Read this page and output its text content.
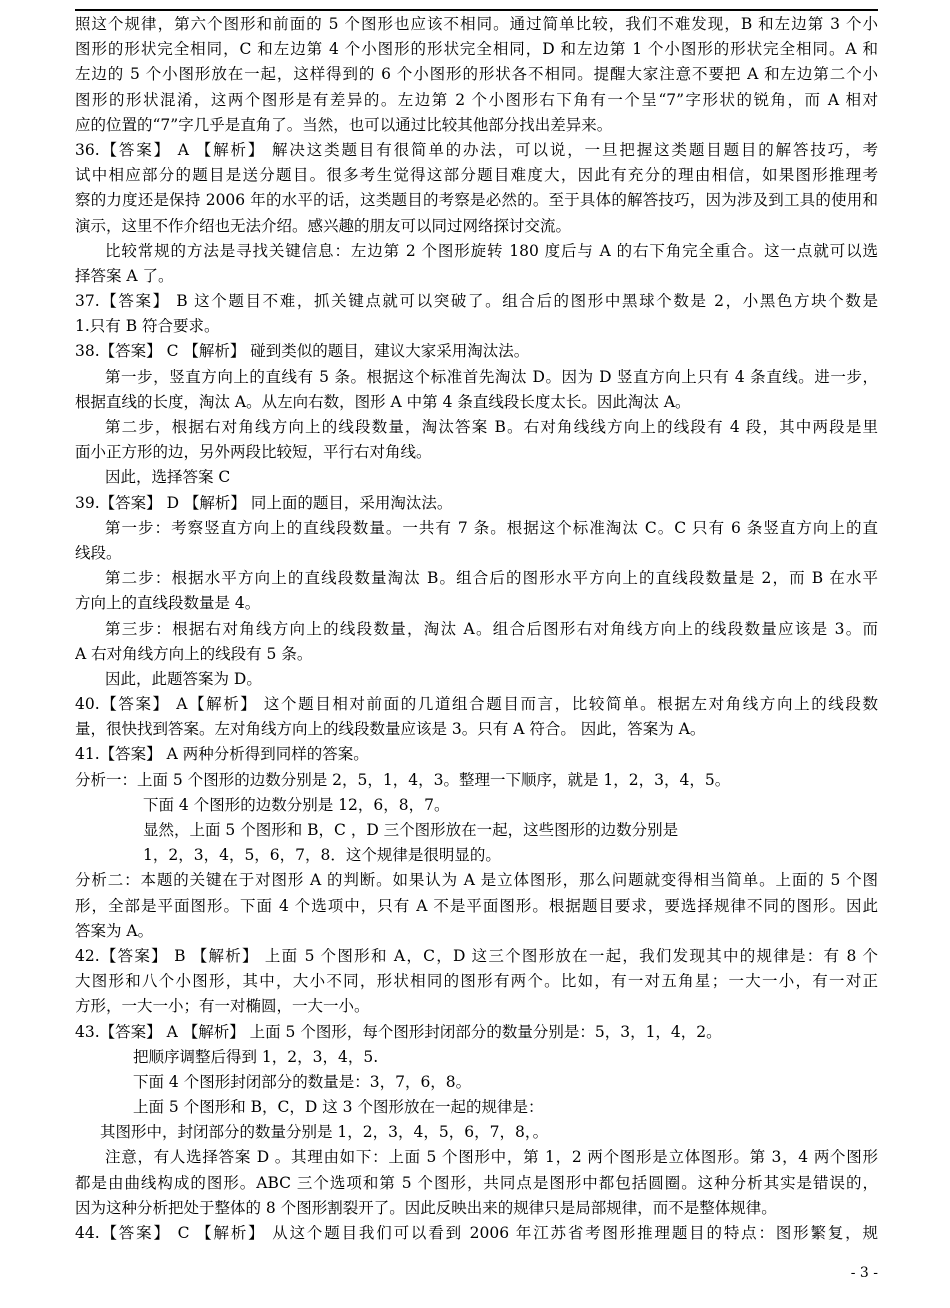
照这个规律，第六个图形和前面的 5 个图形也应该不相同。通过简单比较，我们不难发现，B 和左边第 3 个小
图形的形状完全相同，C 和左边第 4 个小图形的形状完全相同，D 和左边第 1 个小图形的形状完全相同。A 和
左边的 5 个小图形放在一起，这样得到的 6 个小图形的形状各不相同。提醒大家注意不要把 A 和左边第二个小
图形的形状混淆，这两个图形是有差异的。左边第 2 个小图形右下角有一个呈“7”字形状的锐角，而 A 相对
应的位置的“7”字几乎是直角了。当然，也可以通过比较其他部分找出差异来。
36.【答案】 A 【解析】 解决这类题目有很简单的办法，可以说，一旦把握这类题目题目的解答技巧，考
试中相应部分的题目是送分题目。很多考生觉得这部分题目难度大，因此有充分的理由相信，如果图形推理考
察的力度还是保持 2006 年的水平的话，这类题目的考察是必然的。至于具体的解答技巧，因为涉及到工具的使用和
演示，这里不作介绍也无法介绍。感兴趣的朋友可以同过网络探讨交流。
比较常规的方法是寻找关键信息：左边第 2 个图形旋转 180 度后与 A 的右下角完全重合。这一点就可以选
择答案 A 了。
37.【答案】 B 这个题目不难，抓关键点就可以突破了。组合后的图形中黑球个数是 2，小黑色方块个数是
1.只有 B 符合要求。
38.【答案】 C 【解析】 碰到类似的题目，建议大家采用淘汰法。
第一步，竖直方向上的直线有 5 条。根据这个标准首先淘汰 D。因为 D 竖直方向上只有 4 条直线。进一步，
根据直线的长度，淘汰 A。从左向右数，图形 A 中第 4 条直线段长度太长。因此淘汰 A。
第二步，根据右对角线方向上的线段数量，淘汰答案 B。右对角线线方向上的线段有 4 段，其中两段是里
面小正方形的边，另外两段比较短，平行右对角线。
因此，选择答案 C
39.【答案】 D 【解析】 同上面的题目，采用淘汰法。
第一步：考察竖直方向上的直线段数量。一共有 7 条。根据这个标准淘汰 C。C 只有 6 条竖直方向上的直
线段。
第二步：根据水平方向上的直线段数量淘汰 B。组合后的图形水平方向上的直线段数量是 2，而 B 在水平
方向上的直线段数量是 4。
第三步：根据右对角线方向上的线段数量，淘汰 A。组合后图形右对角线方向上的线段数量应该是 3。而
A 右对角线方向上的线段有 5 条。
因此，此题答案为 D。
40.【答案】 A【解析】 这个题目相对前面的几道组合题目而言，比较简单。根据左对角线方向上的线段数
量，很快找到答案。左对角线方向上的线段数量应该是 3。只有 A 符合。 因此，答案为 A。
41.【答案】 A 两种分析得到同样的答案。
分析一：上面 5 个图形的边数分别是 2，5，1，4，3。整理一下顺序，就是 1，2，3，4，5。
下面 4 个图形的边数分别是 12，6，8，7。
显然，上面 5 个图形和 B，C ，D 三个图形放在一起，这些图形的边数分别是
1，2，3，4，5，6，7，8．这个规律是很明显的。
分析二：本题的关键在于对图形 A 的判断。如果认为 A 是立体图形，那么问题就变得相当简单。上面的 5 个图
形，全部是平面图形。下面 4 个选项中，只有 A 不是平面图形。根据题目要求，要选择规律不同的图形。因此
答案为 A。
42.【答案】 B 【解析】 上面 5 个图形和 A，C，D 这三个图形放在一起，我们发现其中的规律是：有 8 个
大图形和八个小图形，其中，大小不同，形状相同的图形有两个。比如，有一对五角星；一大一小，有一对正
方形，一大一小；有一对椭圆，一大一小。
43.【答案】 A 【解析】 上面 5 个图形，每个图形封闭部分的数量分别是：5，3，1，4，2。
把顺序调整后得到 1，2，3，4，5.
下面 4 个图形封闭部分的数量是：3，7，6，8。
上面 5 个图形和 B，C，D 这 3 个图形放在一起的规律是：
其图形中，封闭部分的数量分别是 1，2，3，4，5，6，7，8，。
注意，有人选择答案 D 。其理由如下：上面 5 个图形中，第 1，2 两个图形是立体图形。第 3，4 两个图形
都是由曲线构成的图形。ABC 三个选项和第 5 个图形，共同点是图形中都包括圆圈。这种分析其实是错误的，
因为这种分析把处于整体的 8 个图形割裂开了。因此反映出来的规律只是局部规律，而不是整体规律。
44.【答案】 C 【解析】 从这个题目我们可以看到 2006 年江苏省考图形推理题目的特点：图形繁复，规
- 3 -
